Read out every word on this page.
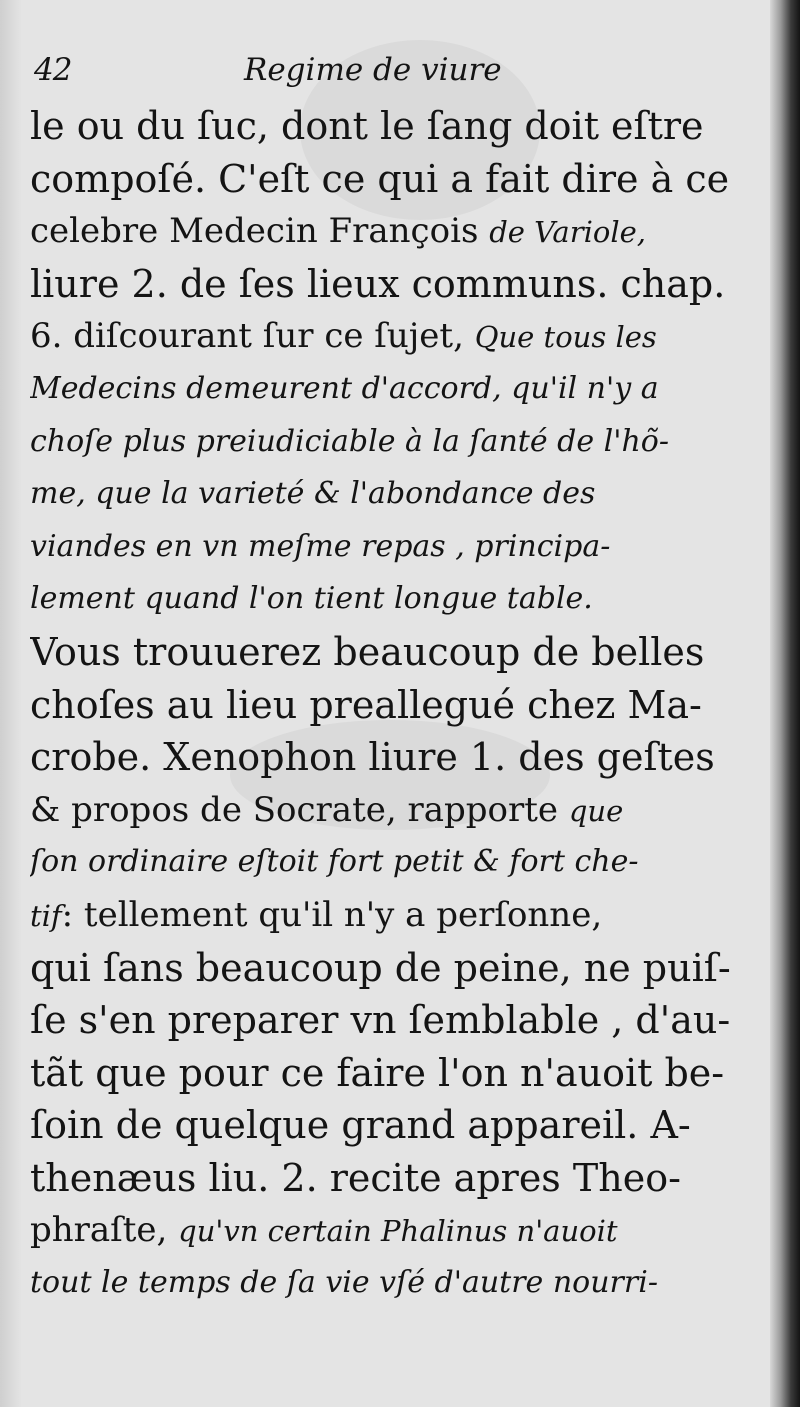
42	Regime de viure
le ou du ſuc, dont le ſang doit eſtre
compoſé. C'eſt ce qui a fait dire à ce
celebre Medecin François de Variole,
liure 2. de ſes lieux communs. chap.
6. diſcourant ſur ce ſujet, Que tous les
Medecins demeurent d'accord, qu'il n'y a
choſe plus preiudiciable à la ſanté de l'hõ-
me, que la varieté & l'abondance des
viandes en vn meſme repas , principa-
lement quand l'on tient longue table.
Vous trouuerez beaucoup de belles
choſes au lieu preallegué chez Ma-
crobe. Xenophon liure 1. des geſtes
& propos de Socrate, rapporte que
ſon ordinaire eſtoit fort petit & fort che-
tif: tellement qu'il n'y a perſonne,
qui ſans beaucoup de peine, ne puiſ-
ſe s'en preparer vn ſemblable , d'au-
tãt que pour ce faire l'on n'auoit be-
ſoin de quelque grand appareil. A-
thenæus liu. 2. recite apres Theo-
phraſte, qu'vn certain Phalinus n'auoit
tout le temps de ſa vie vſé d'autre nourri-
